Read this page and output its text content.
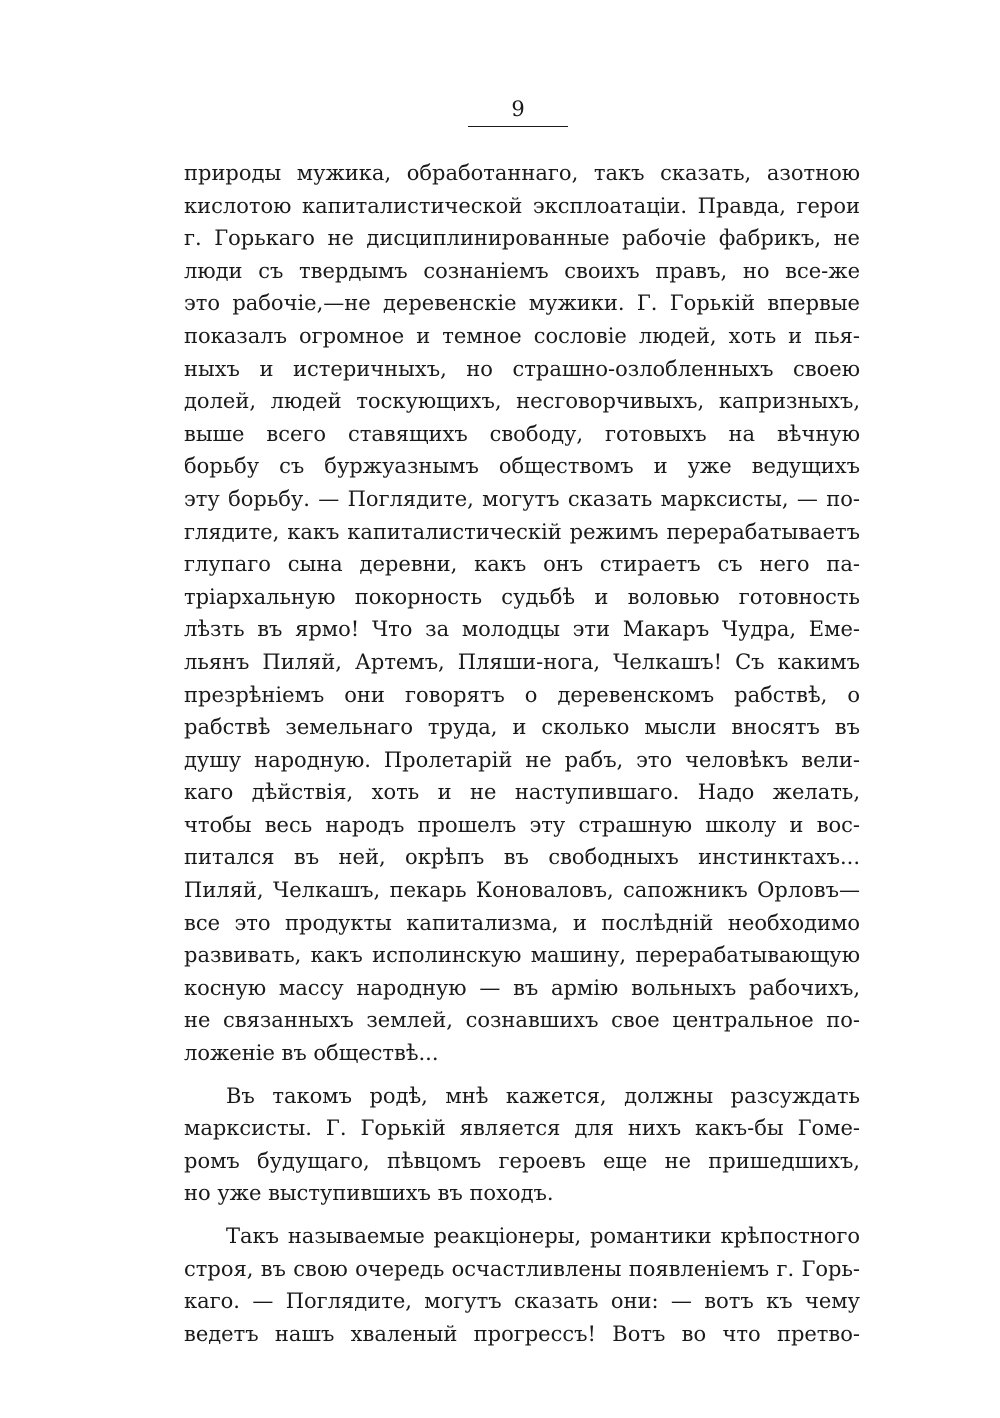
9
природы мужика, обработаннаго, такъ сказать, азотною
кислотою капиталистической эксплоатаціи. Правда, герои
г. Горькаго не дисциплинированные рабочіе фабрикъ, не
люди съ твердымъ сознаніемъ своихъ правъ, но все-же
это рабочіе,—не деревенскіе мужики. Г. Горькій впервые
показалъ огромное и темное сословіе людей, хоть и пья-
ныхъ и истеричныхъ, но страшно-озлобленныхъ своею
долей, людей тоскующихъ, несговорчивыхъ, капризныхъ,
выше всего ставящихъ свободу, готовыхъ на вѣчную
борьбу съ буржуазнымъ обществомъ и уже ведущихъ
эту борьбу. — Поглядите, могутъ сказать марксисты, — по-
глядите, какъ капиталистическій режимъ перерабатываетъ
глупаго сына деревни, какъ онъ стираетъ съ него па-
тріархальную покорность судьбѣ и воловью готовность
лѣзть въ ярмо! Что за молодцы эти Макаръ Чудра, Еме-
льянъ Пиляй, Артемъ, Пляши-нога, Челкашъ! Съ какимъ
презрѣніемъ они говорятъ о деревенскомъ рабствѣ, о
рабствѣ земельнаго труда, и сколько мысли вносятъ въ
душу народную. Пролетарій не рабъ, это человѣкъ вели-
каго дѣйствія, хоть и не наступившаго. Надо желать,
чтобы весь народъ прошелъ эту страшную школу и вос-
питался въ ней, окрѣпъ въ свободныхъ инстинктахъ...
Пиляй, Челкашъ, пекарь Коноваловъ, сапожникъ Орловъ—
все это продукты капитализма, и послѣдній необходимо
развивать, какъ исполинскую машину, перерабатывающую
косную массу народную — въ армію вольныхъ рабочихъ,
не связанныхъ землей, сознавшихъ свое центральное по-
ложеніе въ обществѣ...
Въ такомъ родѣ, мнѣ кажется, должны разсуждать
марксисты. Г. Горькій является для нихъ какъ-бы Гоме-
ромъ будущаго, пѣвцомъ героевъ еще не пришедшихъ,
но уже выступившихъ въ походъ.
Такъ называемые реакціонеры, романтики крѣпостного
строя, въ свою очередь осчастливлены появленіемъ г. Горь-
каго. — Поглядите, могутъ сказать они: — вотъ къ чему
ведетъ нашъ хваленый прогрессъ! Вотъ во что претво-
